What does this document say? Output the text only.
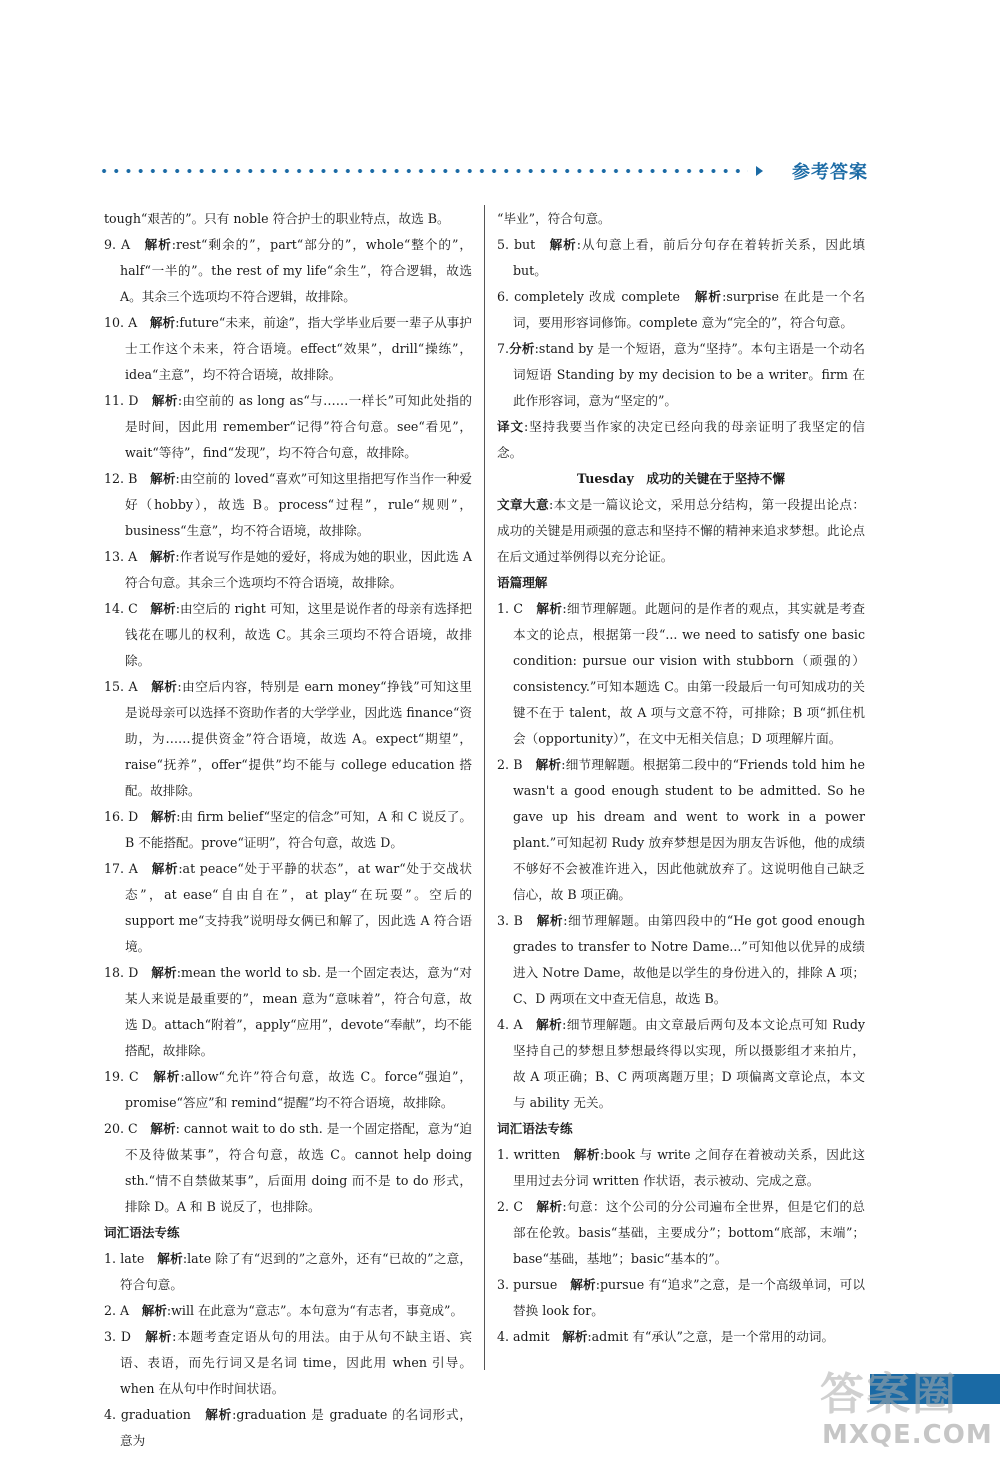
参考答案

tough“艰苦的”。只有 noble 符合护士的职业特点，故选 B。

9. A　 解析:rest“剩余的”，part“部分的”，whole“整个的”，half“一半的”。the rest of my life“余生”，符合逻辑，故选 A。其余三个选项均不符合逻辑，故排除。

10. A　 解析:future“未来，前途”，指大学毕业后要一辈子从事护士工作这个未来，符合语境。effect“效果”，drill“操练”，idea“主意”，均不符合语境，故排除。

11. D　 解析:由空前的 as long as“与……一样长”可知此处指的是时间，因此用 remember“记得”符合句意。see“看见”，wait“等待”，find“发现”，均不符合句意，故排除。

12. B　 解析:由空前的 loved“喜欢”可知这里指把写作当作一种爱好（hobby），故选 B。process“过程”，rule“规则”，business“生意”，均不符合语境，故排除。

13. A　 解析:作者说写作是她的爱好，将成为她的职业，因此选 A 符合句意。其余三个选项均不符合语境，故排除。

14. C　 解析:由空后的 right 可知，这里是说作者的母亲有选择把钱花在哪儿的权利，故选 C。其余三项均不符合语境，故排除。

15. A　 解析:由空后内容，特别是 earn money“挣钱”可知这里是说母亲可以选择不资助作者的大学学业，因此选 finance“资助，为……提供资金”符合语境，故选 A。expect“期望”，raise“抚养”，offer“提供”均不能与 college education 搭配。故排除。

16. D　 解析:由 firm belief“坚定的信念”可知，A 和 C 说反了。B 不能搭配。prove“证明”，符合句意，故选 D。

17. A　 解析:at peace“处于平静的状态”，at war“处于交战状态”，at ease“自由自在”，at play“在玩耍”。空后的 support me“支持我”说明母女俩已和解了，因此选 A 符合语境。

18. D　 解析:mean the world to sb. 是一个固定表达，意为“对某人来说是最重要的”，mean 意为“意味着”，符合句意，故选 D。attach“附着”，apply“应用”，devote“奉献”，均不能搭配，故排除。

19. C　 解析:allow“允许”符合句意，故选 C。force“强迫”，promise“答应”和 remind“提醒”均不符合语境，故排除。

20. C　 解析: cannot wait to do sth. 是一个固定搭配，意为“迫不及待做某事”，符合句意，故选 C。cannot help doing sth.“情不自禁做某事”，后面用 doing 而不是 to do 形式，排除 D。A 和 B 说反了，也排除。

词汇语法专练

1. late　 解析:late 除了有“迟到的”之意外，还有“已故的”之意，符合句意。

2. A　 解析:will 在此意为“意志”。本句意为“有志者，事竟成”。

3. D　 解析:本题考查定语从句的用法。由于从句不缺主语、宾语、表语，而先行词又是名词 time，因此用 when 引导。when 在从句中作时间状语。

4. graduation　 解析:graduation 是 graduate 的名词形式，意为

“毕业”，符合句意。

5. but　 解析:从句意上看，前后分句存在着转折关系，因此填 but。

6. completely 改成 complete　 解析:surprise 在此是一个名词，要用形容词修饰。complete 意为“完全的”，符合句意。

7.分析:stand by 是一个短语，意为“坚持”。本句主语是一个动名词短语 Standing by my decision to be a writer。firm 在此作形容词，意为“坚定的”。

译文:坚持我要当作家的决定已经向我的母亲证明了我坚定的信念。

Tuesday　 成功的关键在于坚持不懈

文章大意:本文是一篇议论文，采用总分结构，第一段提出论点：成功的关键是用顽强的意志和坚持不懈的精神来追求梦想。此论点在后文通过举例得以充分论证。

语篇理解

1. C　 解析:细节理解题。此题问的是作者的观点，其实就是考查本文的论点，根据第一段“... we need to satisfy one basic condition: pursue our vision with stubborn（顽强的）consistency.”可知本题选 C。由第一段最后一句可知成功的关键不在于 talent，故 A 项与文意不符，可排除；B 项“抓住机会（opportunity）”，在文中无相关信息；D 项理解片面。

2. B　 解析:细节理解题。根据第二段中的“Friends told him he wasn't a good enough student to be admitted. So he gave up his dream and went to work in a power plant.”可知起初 Rudy 放弃梦想是因为朋友告诉他，他的成绩不够好不会被准许进入，因此他就放弃了。这说明他自己缺乏信心，故 B 项正确。

3. B　 解析:细节理解题。由第四段中的“He got good enough grades to transfer to Notre Dame...”可知他以优异的成绩进入 Notre Dame，故他是以学生的身份进入的，排除 A 项；C、D 两项在文中查无信息，故选 B。

4. A　 解析:细节理解题。由文章最后两句及本文论点可知 Rudy坚持自己的梦想且梦想最终得以实现，所以摄影组才来拍片，故 A 项正确；B、C 两项离题万里；D 项偏离文章论点，本文与 ability 无关。

词汇语法专练

1. written　 解析:book 与 write 之间存在着被动关系，因此这里用过去分词 written 作状语，表示被动、完成之意。

2. C　 解析:句意：这个公司的分公司遍布全世界，但是它们的总部在伦敦。basis“基础，主要成分”；bottom“底部，末端”；base“基础，基地”；basic“基本的”。

3. pursue　 解析:pursue 有“追求”之意，是一个高级单词，可以替换 look for。

4. admit　 解析:admit 有“承认”之意，是一个常用的动词。

答案圈
MXQE.COM
